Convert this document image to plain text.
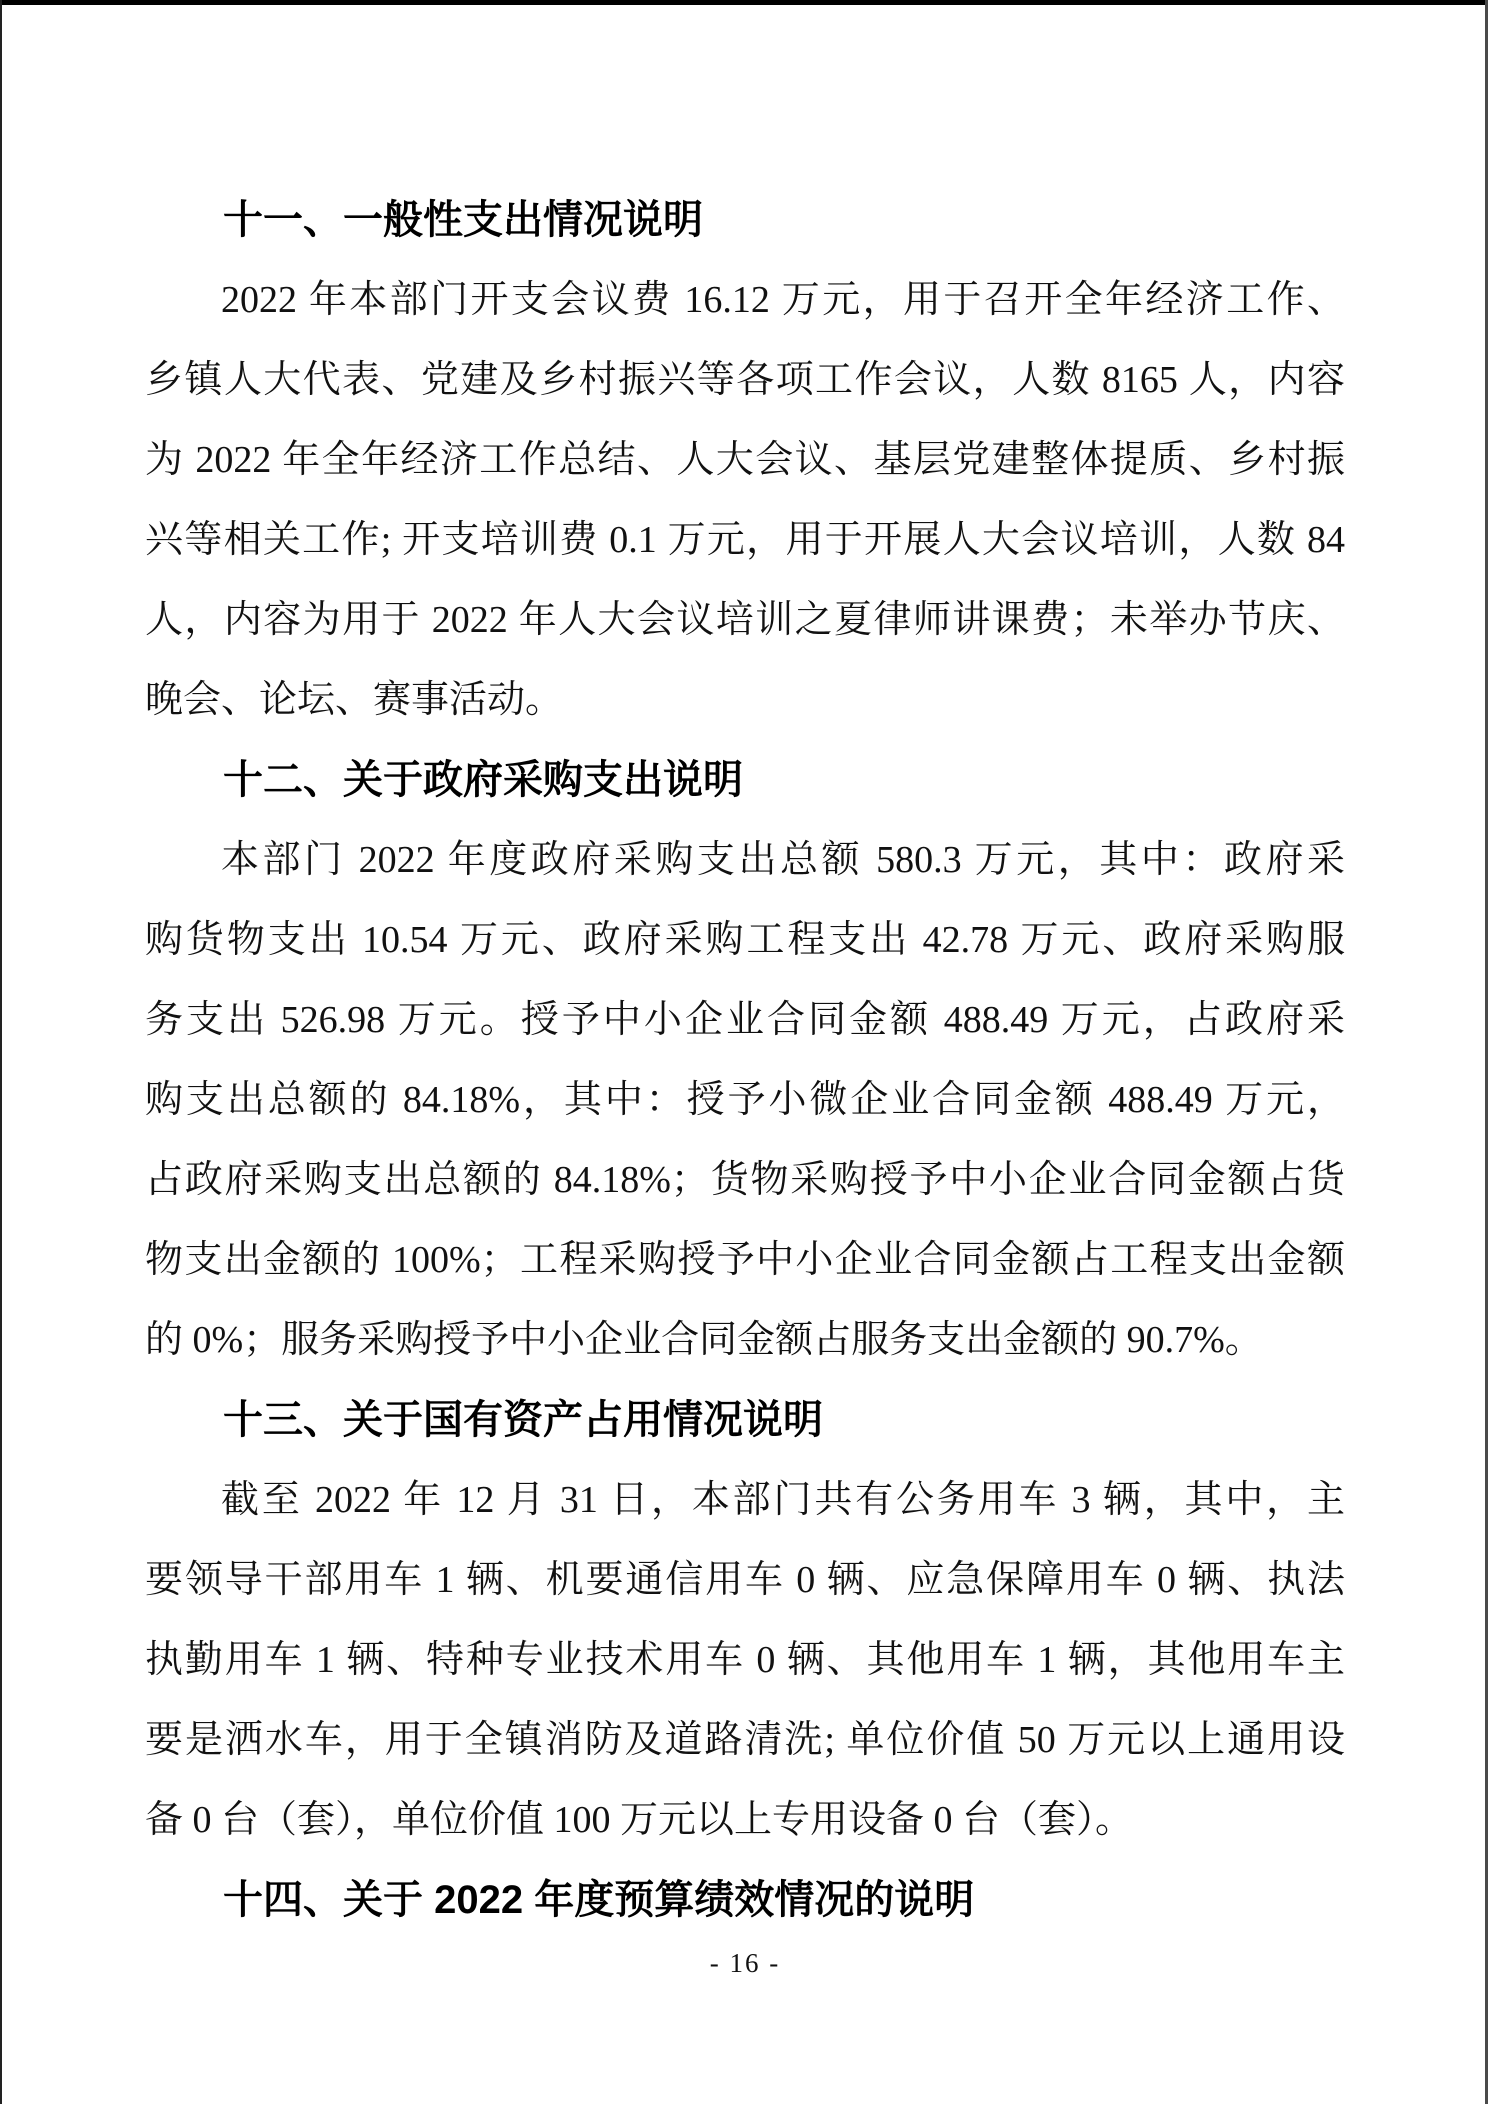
十一、一般性支出情况说明
2022 年本部门开支会议费 16.12 万元，用于召开全年经济工作、
乡镇人大代表、党建及乡村振兴等各项工作会议，人数 8165 人，内容
为 2022 年全年经济工作总结、人大会议、基层党建整体提质、乡村振
兴等相关工作; 开支培训费 0.1 万元，用于开展人大会议培训，人数 84
人，内容为用于 2022 年人大会议培训之夏律师讲课费；未举办节庆、
晚会、论坛、赛事活动。
十二、关于政府采购支出说明
本部门 2022 年度政府采购支出总额 580.3 万元，其中：政府采
购货物支出 10.54 万元、政府采购工程支出 42.78 万元、政府采购服
务支出 526.98 万元。授予中小企业合同金额 488.49 万元，占政府采
购支出总额的 84.18%，其中：授予小微企业合同金额 488.49 万元，
占政府采购支出总额的 84.18%；货物采购授予中小企业合同金额占货
物支出金额的 100%；工程采购授予中小企业合同金额占工程支出金额
的 0%；服务采购授予中小企业合同金额占服务支出金额的 90.7%。
十三、关于国有资产占用情况说明
截至 2022 年 12 月 31 日，本部门共有公务用车 3 辆，其中，主
要领导干部用车 1 辆、机要通信用车 0 辆、应急保障用车 0 辆、执法
执勤用车 1 辆、特种专业技术用车 0 辆、其他用车 1 辆，其他用车主
要是洒水车，用于全镇消防及道路清洗; 单位价值 50 万元以上通用设
备 0 台（套），单位价值 100 万元以上专用设备 0 台（套）。
十四、关于 2022 年度预算绩效情况的说明
- 16 -
